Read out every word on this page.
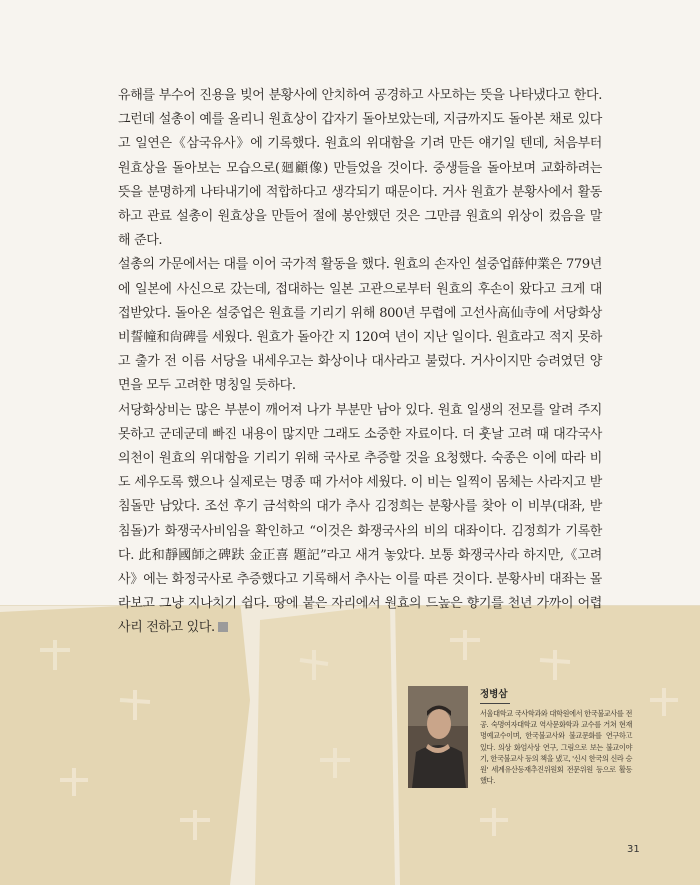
유해를 부수어 진용을 빚어 분황사에 안치하여 공경하고 사모하는 뜻을 나타냈다고 한다. 그런데 설총이 예를 올리니 원효상이 갑자기 돌아보았는데, 지금까지도 돌아본 채로 있다고 일연은《삼국유사》에 기록했다. 원효의 위대함을 기려 만든 얘기일 텐데, 처음부터 원효상을 돌아보는 모습으로(廻顧像) 만들었을 것이다. 중생들을 돌아보며 교화하려는 뜻을 분명하게 나타내기에 적합하다고 생각되기 때문이다. 거사 원효가 분황사에서 활동하고 관료 설총이 원효상을 만들어 절에 봉안했던 것은 그만큼 원효의 위상이 컸음을 말해 준다.

설총의 가문에서는 대를 이어 국가적 활동을 했다. 원효의 손자인 설중업薛仲業은 779년에 일본에 사신으로 갔는데, 접대하는 일본 고관으로부터 원효의 후손이 왔다고 크게 대접받았다. 돌아온 설중업은 원효를 기리기 위해 800년 무렵에 고선사高仙寺에 서당화상비誓幢和尙碑를 세웠다. 원효가 돌아간 지 120여 년이 지난 일이다. 원효라고 적지 못하고 출가 전 이름 서당을 내세우고는 화상이나 대사라고 불렀다. 거사이지만 승려였던 양면을 모두 고려한 명칭일 듯하다.

서당화상비는 많은 부분이 깨어져 나가 부분만 남아 있다. 원효 일생의 전모를 알려 주지 못하고 군데군데 빠진 내용이 많지만 그래도 소중한 자료이다. 더 훗날 고려 때 대각국사 의천이 원효의 위대함을 기리기 위해 국사로 추증할 것을 요청했다. 숙종은 이에 따라 비도 세우도록 했으나 실제로는 명종 때 가서야 세웠다. 이 비는 일찍이 몸체는 사라지고 받침돌만 남았다. 조선 후기 금석학의 대가 추사 김정희는 분황사를 찾아 이 비부(대좌, 받침돌)가 화쟁국사비임을 확인하고 “이것은 화쟁국사의 비의 대좌이다. 김정희가 기록한다. 此和靜國師之碑趺 金正喜 題記”라고 새겨 놓았다. 보통 화쟁국사라 하지만,《고려사》에는 화정국사로 추증했다고 기록해서 추사는 이를 따른 것이다. 분황사비 대좌는 몰라보고 그냥 지나치기 쉽다. 땅에 붙은 자리에서 원효의 드높은 향기를 천년 가까이 어렵사리 전하고 있다.

정병삼
서울대학교 국사학과와 대학원에서 한국불교사를 전공. 숙명여자대학교 역사문화학과 교수를 거쳐 현재 명예교수이며, 한국불교사와 불교문화를 연구하고 있다. 의상 화엄사상 연구, 그림으로 보는 불교이야기, 한국불교사 등의 책을 냈고, '신시 한국의 신라 승원' 세계유산등재추진위원회 전문위원 등으로 활동했다.
31
